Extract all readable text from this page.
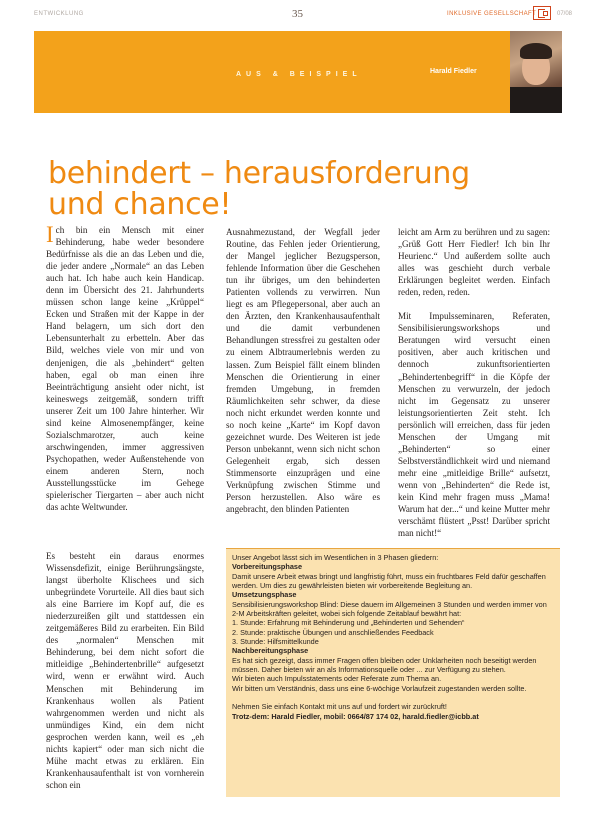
ENTWICKLUNG	35	INKLUSIVE GESELLSCHAFT	07/08
AUS & BEISPIEL	Harald Fiedler
behindert – herausforderung und chance!

Ich bin ein Mensch mit einer Behinderung, habe weder besondere Bedürfnisse als die an das Leben und die, die jeder andere „Normale“ an das Leben auch hat. Ich habe auch kein Handicap. denn im Übersicht des 21. Jahrhunderts müssen schon lange keine „Krüppel“ Ecken und Straßen mit der Kappe in der Hand belagern, um sich dort den Lebensunterhalt zu erbetteln. Aber das Bild, welches viele von mir und von denjenigen, die als „behindert“ gelten haben, egal ob man einen ihre Beeinträchtigung ansieht oder nicht, ist keineswegs zeitgemäß, sondern trifft unserer Zeit um 100 Jahre hinterher. Wir sind keine Almosenempfänger, keine Sozialschmarotzer, auch keine arschwingenden, immer aggressiven Psychopathen, weder Außenstehende von einem anderen Stern, noch Ausstellungsstücke im Gehege spielerischer Tiergarten – aber auch nicht das achte Weltwunder.

Es besteht ein daraus enormes Wissensdefizit, einige Berührungsängste, langst überholte Klischees und sich unbegründete Vorurteile. All dies baut sich als eine Barriere im Kopf auf, die es niederzureißen gilt und stattdessen ein zeitgemäßeres Bild zu erarbeiten. Ein Bild des „normalen“ Menschen mit Behinderung, bei dem nicht sofort die mitleidige „Behindertenbrille“ aufgesetzt wird, wenn er erwähnt wird. Auch Menschen mit Behinderung im Krankenhaus wollen als Patient wahrgenommen werden und nicht als unmündiges Kind, ein dem nicht gesprochen werden kann, weil es „eh nichts kapiert“ oder man sich nicht die Mühe macht etwas zu erklären. Ein Krankenhausaufenthalt ist von vornherein schon ein

Ausnahmezustand, der Wegfall jeder Routine, das Fehlen jeder Orientierung, der Mangel jeglicher Bezugsperson, fehlende Information über die Geschehen tun ihr übriges, um den behinderten Patienten vollends zu verwirren. Nun liegt es am Pflegepersonal, aber auch an den Ärzten, den Krankenhausaufenthalt und die damit verbundenen Behandlungen stressfrei zu gestalten oder zu einem Albtraumerlebnis werden zu lassen. Zum Beispiel fällt einem blinden Menschen die Orientierung in einer fremden Umgebung, in fremden Räumlichkeiten sehr schwer, da diese noch nicht erkundet werden konnte und so noch keine „Karte“ im Kopf davon gezeichnet wurde. Des Weiteren ist jede Person unbekannt, wenn sich nicht schon Gelegenheit ergab, sich dessen Stimmensorte einzuprägen und eine Verknüpfung zwischen Stimme und Person herzustellen. Also wäre es angebracht, den blinden Patienten

leicht am Arm zu berühren und zu sagen: „Grüß Gott Herr Fiedler! Ich bin Ihr Heurienc.“ Und außerdem sollte auch alles was geschieht durch verbale Erklärungen begleitet werden. Einfach reden, reden, reden.

Mit Impulsseminaren, Referaten, Sensibilisierungsworkshops und Beratungen wird versucht einen positiven, aber auch kritischen und dennoch zukunftsorientierten „Behindertenbegriff“ in die Köpfe der Menschen zu verwurzeln, der jedoch nicht im Gegensatz zu unserer leistungsorientierten Zeit steht. Ich persönlich will erreichen, dass für jeden Menschen der Umgang mit „Behinderten“ so einer Selbstverständlichkeit wird und niemand mehr eine „mitleidige Brille“ aufsetzt, wenn von „Behinderten“ die Rede ist, kein Kind mehr fragen muss „Mama! Warum hat der...“ und keine Mutter mehr verschämt flüstert „Psst! Darüber spricht man nicht!“

Unser Angebot lässt sich im Wesentlichen in 3 Phasen gliedern:

Vorbereitungsphase

Damit unsere Arbeit etwas bringt und langfristig führt, muss ein fruchtbares Feld dafür geschaffen werden. Um dies zu gewährleisten bieten wir vorbereitende Begleitung an.

Umsetzungsphase

Sensibilisierungsworkshop Blind: Diese dauern im Allgemeinen 3 Stunden und werden immer von 2-M Arbeitskräften geleitet, wobei sich folgende Zeitablauf bewährt hat:

1. Stunde: Erfahrung mit Behinderung und „Behinderten und Sehenden“

2. Stunde: praktische Übungen und anschließendes Feedback

3. Stunde: Hilfsmittelkunde

Nachbereitungsphase

Es hat sich gezeigt, dass immer Fragen offen bleiben oder Unklarheiten noch beseitigt werden müssen. Daher bieten wir an als Informationsquelle oder ... zur Verfügung zu stehen.

Wir bieten auch Impulsstatements oder Referate zum Thema an.

Wir bitten um Verständnis, dass uns eine 6-wöchige Vorlaufzeit zugestanden werden sollte.

Nehmen Sie einfach Kontakt mit uns auf und fordert wir zurückruft!

Trotz-dem: Harald Fiedler, mobil: 0664/87 174 02, harald.fiedler@icbb.at
